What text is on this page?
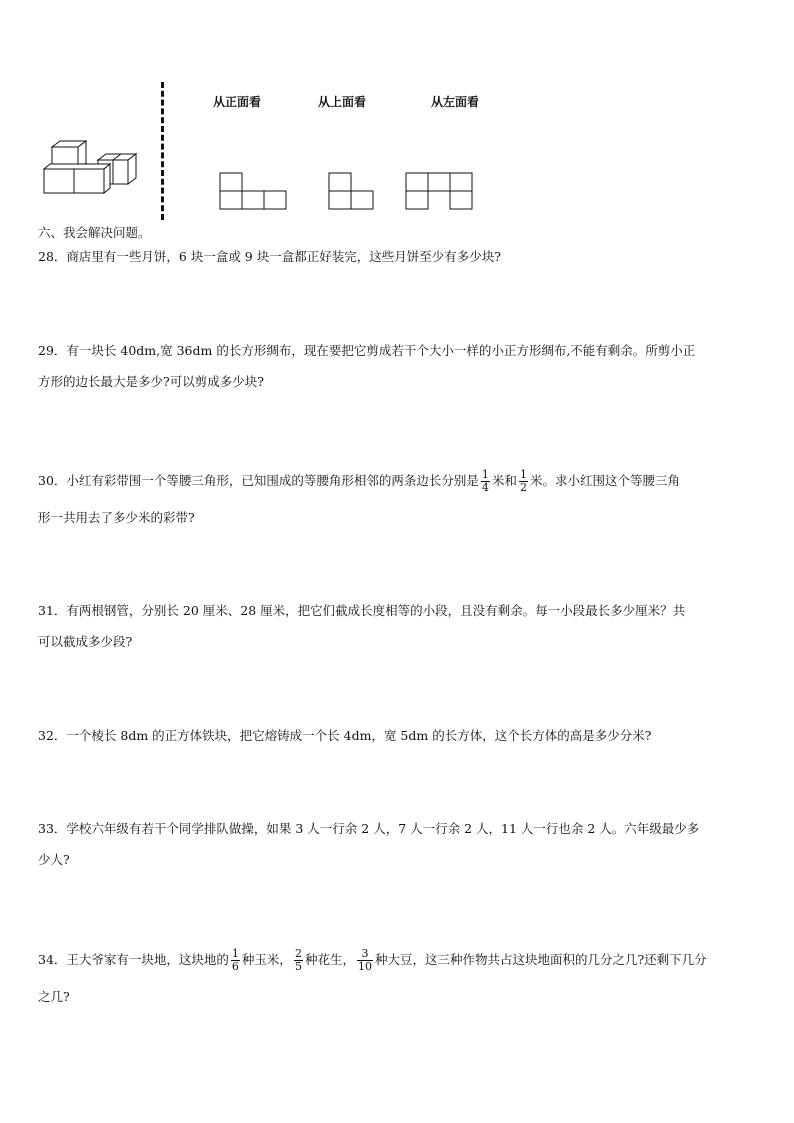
从正面看	从上面看	从左面看
六、我会解决问题。
28．商店里有一些月饼，6 块一盒或 9 块一盒都正好装完，这些月饼至少有多少块?
29．有一块长 40dm,宽 36dm 的长方形绸布，现在要把它剪成若干个大小一样的小正方形绸布,不能有剩余。所剪小正
方形的边长最大是多少?可以剪成多少块?
30．小红有彩带围一个等腰三角形，已知围成的等腰角形相邻的两条边长分别是 $\frac{1}{4}$ 米和 $\frac{1}{2}$ 米。求小红围这个等腰三角
形一共用去了多少米的彩带?
31．有两根钢管，分别长 20 厘米、28 厘米，把它们截成长度相等的小段，且没有剩余。每一小段最长多少厘米？共
可以截成多少段?
32．一个棱长 8dm 的正方体铁块，把它熔铸成一个长 4dm，宽 5dm 的长方体，这个长方体的高是多少分米?
33．学校六年级有若干个同学排队做操，如果 3 人一行余 2 人，7 人一行余 2 人，11 人一行也余 2 人。六年级最少多
少人?
34．王大爷家有一块地，这块地的 $\frac{1}{6}$ 种玉米， $\frac{2}{5}$ 种花生， $\frac{3}{10}$ 种大豆，这三种作物共占这块地面积的几分之几?还剩下几分
之几?
